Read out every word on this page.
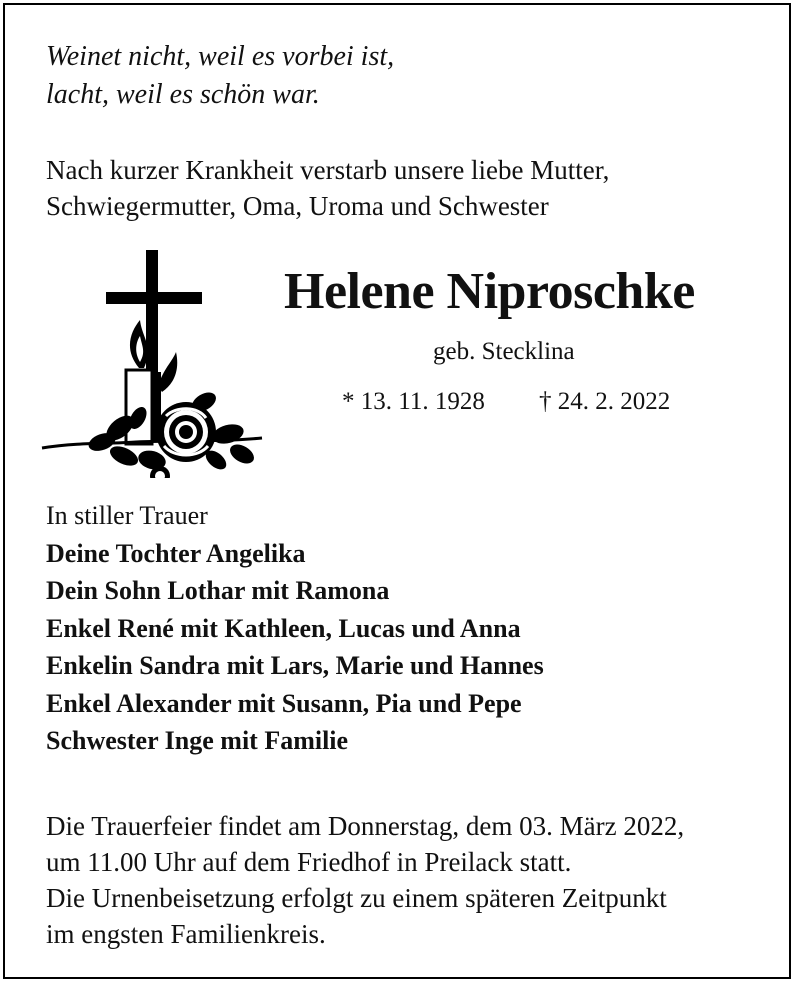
Weinet nicht, weil es vorbei ist,
lacht, weil es schön war.
Nach kurzer Krankheit verstarb unsere liebe Mutter,
Schwiegermutter, Oma, Uroma und Schwester
Helene Niproschke
geb. Stecklina
* 13. 11. 1928 † 24. 2. 2022
In stiller Trauer
Deine Tochter Angelika
Dein Sohn Lothar mit Ramona
Enkel René mit Kathleen, Lucas und Anna
Enkelin Sandra mit Lars, Marie und Hannes
Enkel Alexander mit Susann, Pia und Pepe
Schwester Inge mit Familie
Die Trauerfeier findet am Donnerstag, dem 03. März 2022,
um 11.00 Uhr auf dem Friedhof in Preilack statt.
Die Urnenbeisetzung erfolgt zu einem späteren Zeitpunkt
im engsten Familienkreis.
